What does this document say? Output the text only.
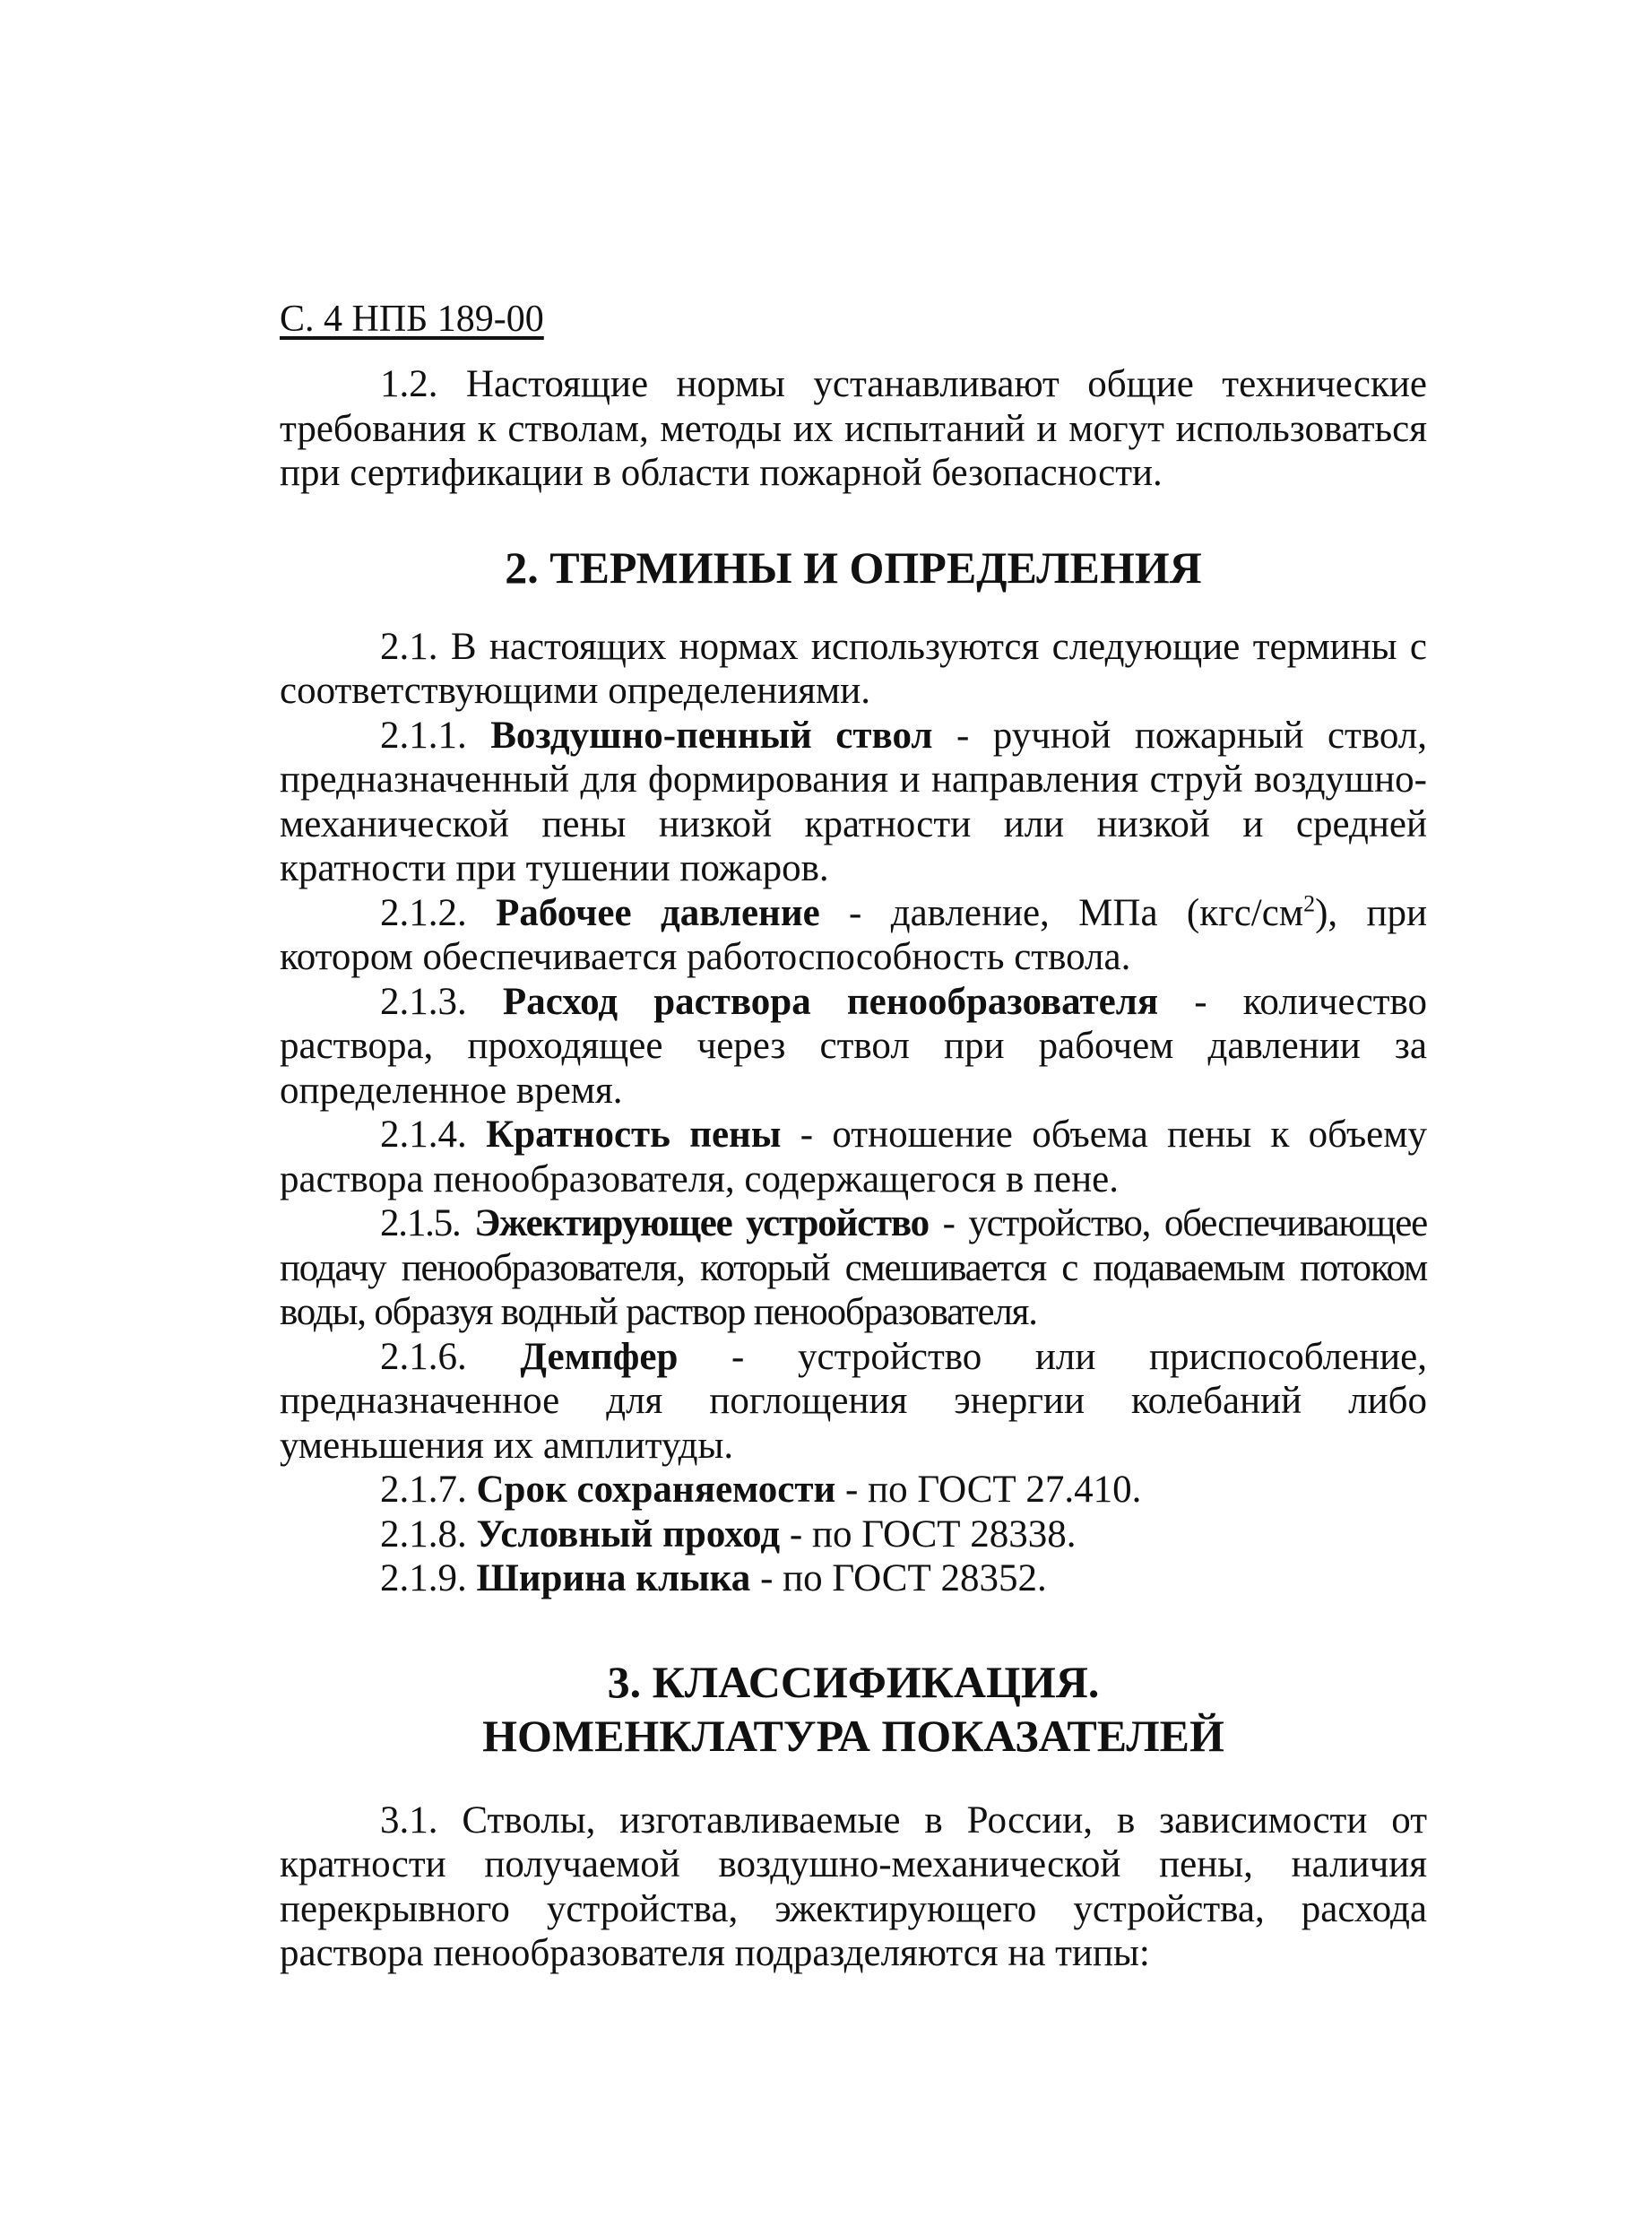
С. 4 НПБ 189-00

1.2. Настоящие нормы устанавливают общие технические требования к стволам, методы их испытаний и могут использоваться при сертификации в области пожарной безопасности.

2. ТЕРМИНЫ И ОПРЕДЕЛЕНИЯ

2.1. В настоящих нормах используются следующие термины с соответствующими определениями.

2.1.1. Воздушно-пенный ствол - ручной пожарный ствол, предназначенный для формирования и направления струй воздушно-механической пены низкой кратности или низкой и средней кратности при тушении пожаров.

2.1.2. Рабочее давление - давление, МПа $(кгс/см^2)$, при котором обеспечивается работоспособность ствола.

2.1.3. Расход раствора пенообразователя - количество раствора, проходящее через ствол при рабочем давлении за определенное время.

2.1.4. Кратность пены - отношение объема пены к объему раствора пенообразователя, содержащегося в пене.

2.1.5. Эжектирующее устройство - устройство, обеспечивающее подачу пенообразователя, который смешивается с подаваемым потоком воды, образуя водный раствор пенообразователя.

2.1.6. Демпфер - устройство или приспособление, предназначенное для поглощения энергии колебаний либо уменьшения их амплитуды.

2.1.7. Срок сохраняемости - по ГОСТ 27.410.

2.1.8. Условный проход - по ГОСТ 28338.

2.1.9. Ширина клыка - по ГОСТ 28352.

3. КЛАССИФИКАЦИЯ.
НОМЕНКЛАТУРА ПОКАЗАТЕЛЕЙ

3.1. Стволы, изготавливаемые в России, в зависимости от кратности получаемой воздушно-механической пены, наличия перекрывного устройства, эжектирующего устройства, расхода раствора пенообразователя подразделяются на типы:
